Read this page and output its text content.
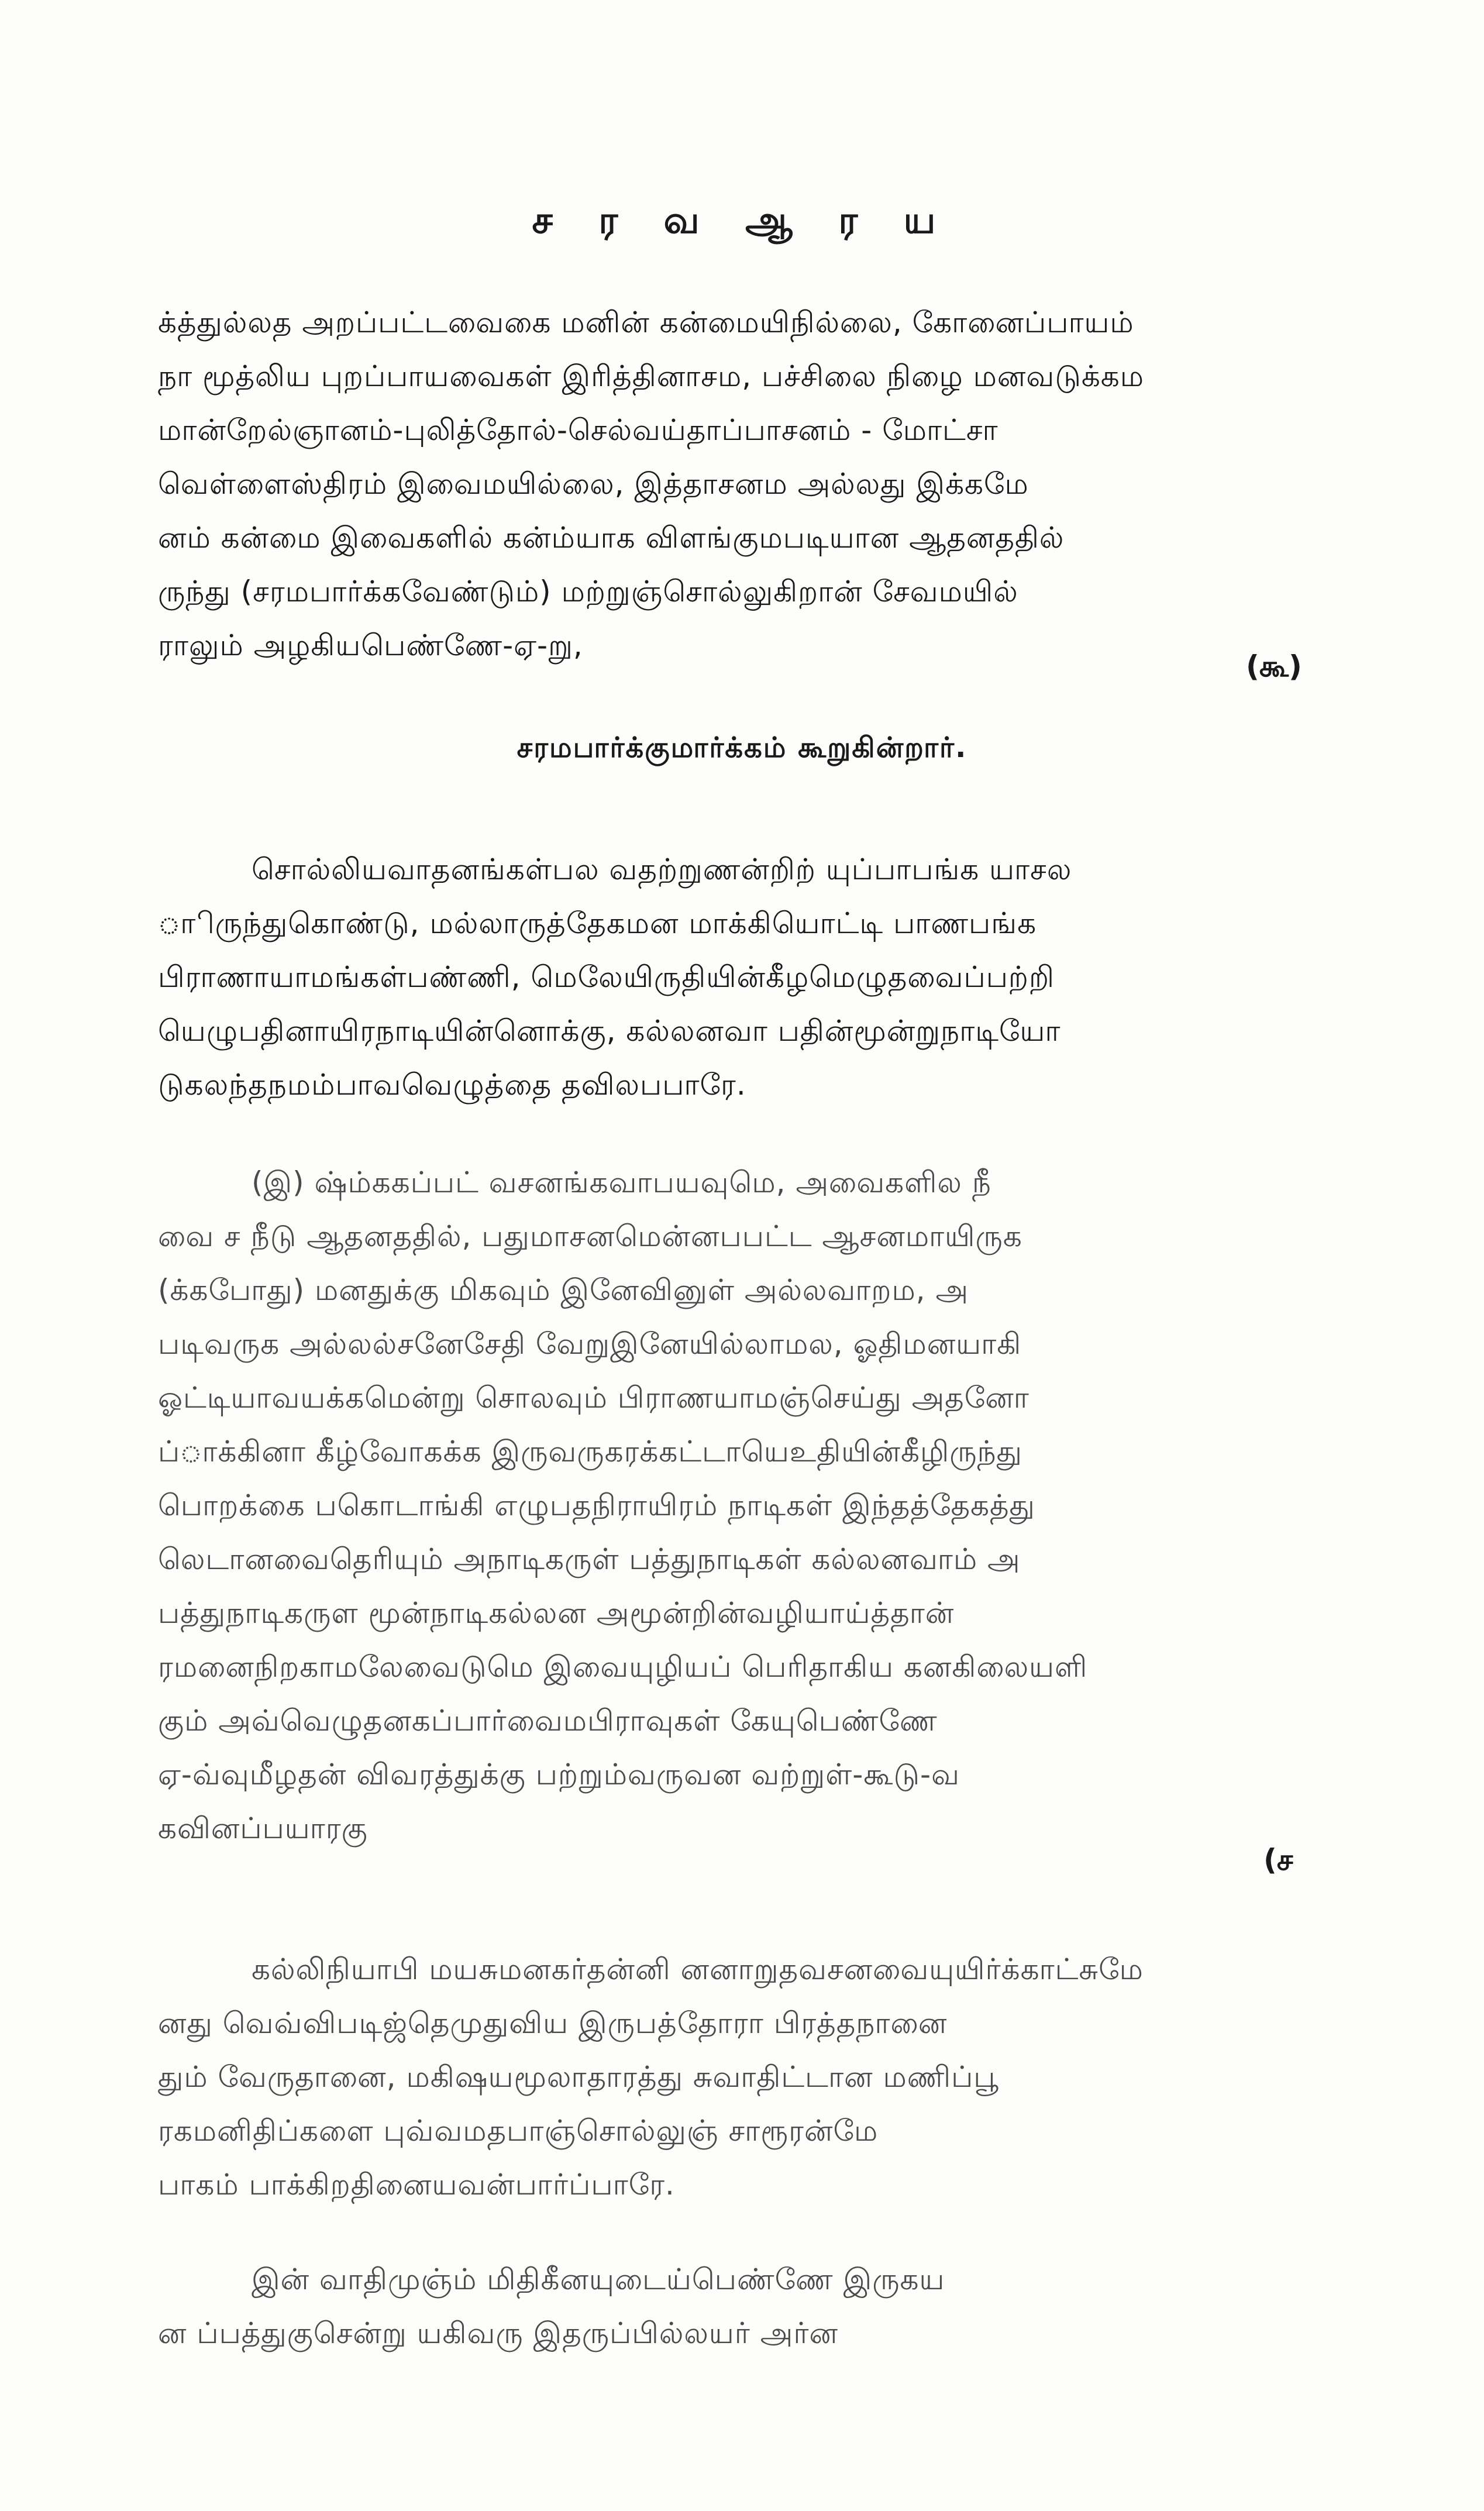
ச ர வ ஆ ர ய
க்த்துல்லத அறப்பட்டவைகை மனின் கன்மையிநில்லை, கோனைப்பாயம்
நா மூத்லிய புறப்பாயவைகள் இரித்தினாசம, பச்சிலை நிழை மனவடுக்கம
மான்றேல்ஞானம்-புலித்தோல்-செல்வய்தாப்பாசனம் - மோட்சா
வெள்ளைஸ்திரம் இவைமயில்லை, இத்தாசனம அல்லது இக்கமே
னம் கன்மை இவைகளில் கன்ம்யாக விளங்குமபடியான ஆதனததில்
ருந்து (சரமபார்க்கவேண்டும்) மற்றுஞ்சொல்லுகிறான் சேவமயில்
ராலும் அழகியபெண்ணே-ஏ-று,
(கூ)
சரமபார்க்குமார்க்கம் கூறுகின்றார்.
சொல்லியவாதனங்கள்பல வதற்றுணன்றிற் யுப்பாபங்க யாசல
ாிருந்துகொண்டு, மல்லாருத்தேகமன மாக்கியொட்டி பாணபங்க
பிராணாயாமங்கள்பண்ணி, மெலேயிருதியின்கீழமெழுதவைப்பற்றி
யெழுபதினாயிரநாடியின்னொக்கு, கல்லனவா பதின்மூன்றுநாடியோ
டுகலந்தநமம்பாவவெழுத்தை தவிலபபாரே.
(இ) ஷ்ம்ககப்பட் வசனங்கவாபயவுமெ, அவைகளில நீ
வை ச நீடு ஆதனததில், பதுமாசனமென்னபபட்ட ஆசனமாயிருக
(க்கபோது) மனதுக்கு மிகவும் இனேவினுள் அல்லவாறம, அ
படிவருக அல்லல்சனேசேதி வேறுஇனேயில்லாமல, ஓதிமனயாகி
ஓட்டியாவயக்கமென்று சொலவும் பிராணயாமஞ்செய்து அதனோ
ப்ாக்கினா கீழ்வோகக்க இருவருகரக்கட்டாயெஉதியின்கீழிருந்து
பொறக்கை பகொடாங்கி எழுபதநிராயிரம் நாடிகள் இந்தத்தேகத்து
லெடானவைதெரியும் அநாடிகருள் பத்துநாடிகள் கல்லனவாம் அ
பத்துநாடிகருள மூன்நாடிகல்லன அமூன்றின்வழியாய்த்தான்
ரமனைநிறகாமலேவைடுமெ இவையுழியப் பெரிதாகிய கனகிலையளி
கும் அவ்வெழுதனகப்பார்வைமபிராவுகள் கேயுபெண்ணே
ஏ-வ்வுமீழதன் விவரத்துக்கு பற்றும்வருவன வற்றுள்-கூடு-வ
கவினப்பயாரகு
(ச
கல்லிநியாபி மயசுமனகர்தன்னி னனாறுதவசனவையுயிர்க்காட்சுமே
னது வெவ்விபடிஜ்தெமுதுவிய இருபத்தோரா பிரத்தநானை
தும் வேருதானை, மகிஷயமூலாதாரத்து சுவாதிட்டான மணிப்பூ
ரகமனிதிப்களை புவ்வமதபாஞ்சொல்லுஞ் சாரூரன்மே
பாகம் பாக்கிறதினையவன்பார்ப்பாரே.
இன் வாதிமுஞ்ம் மிதிகீனயுடைய்பெண்ணே இருகய
ன ப்பத்துகுசென்று யகிவரு இதருப்பில்லயர் அர்ன
